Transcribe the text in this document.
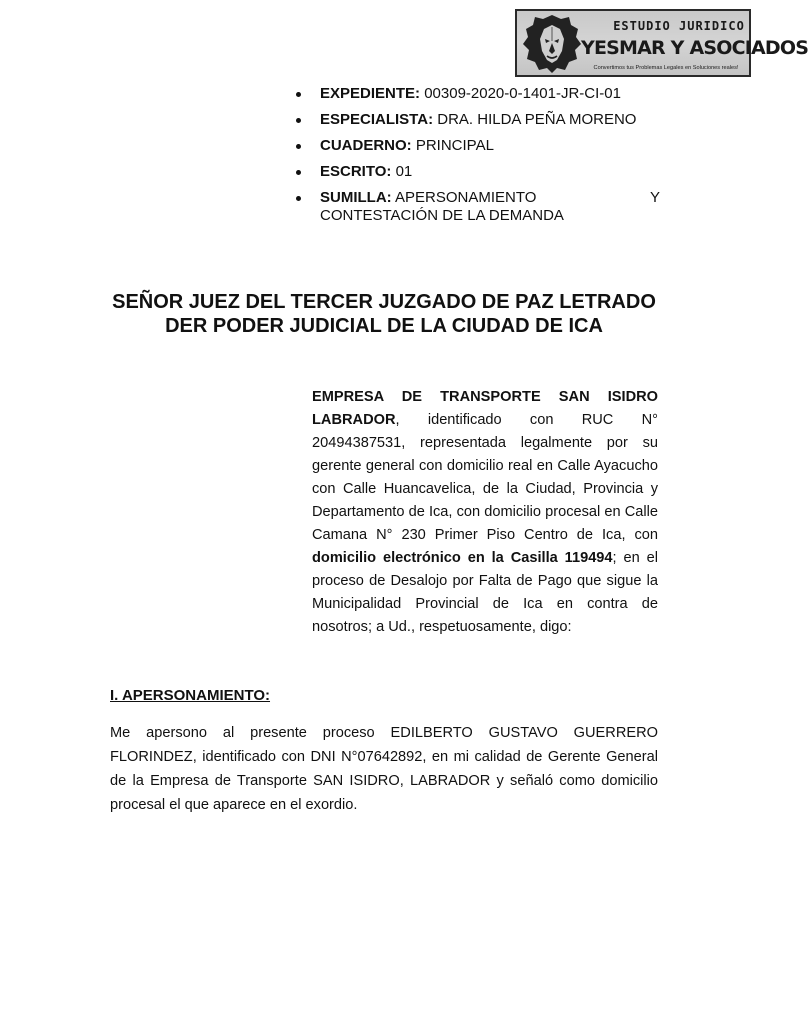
ESTUDIO JURIDICO
YESMAR Y ASOCIADOS
Convertimos tus Problemas Legales en Soluciones reales!
EXPEDIENTE: 00309-2020-0-1401-JR-CI-01
ESPECIALISTA: DRA. HILDA PEÑA MORENO
CUADERNO: PRINCIPAL
ESCRITO: 01
SUMILLA: APERSONAMIENTO	Y
CONTESTACIÓN DE LA DEMANDA
SEÑOR JUEZ DEL TERCER JUZGADO DE PAZ LETRADO DER PODER JUDICIAL DE LA CIUDAD DE ICA
EMPRESA DE TRANSPORTE SAN ISIDRO LABRADOR, identificado con RUC N° 20494387531, representada legalmente por su gerente general con domicilio real en Calle Ayacucho con Calle Huancavelica, de la Ciudad, Provincia y Departamento de Ica, con domicilio procesal en Calle Camana N° 230 Primer Piso Centro de Ica, con domicilio electrónico en la Casilla 119494; en el proceso de Desalojo por Falta de Pago que sigue la Municipalidad Provincial de Ica en contra de nosotros; a Ud., respetuosamente, digo:
I. APERSONAMIENTO:
Me apersono al presente proceso EDILBERTO GUSTAVO GUERRERO FLORINDEZ, identificado con DNI N°07642892, en mi calidad de Gerente General de la Empresa de Transporte SAN ISIDRO, LABRADOR y señaló como domicilio procesal el que aparece en el exordio.
